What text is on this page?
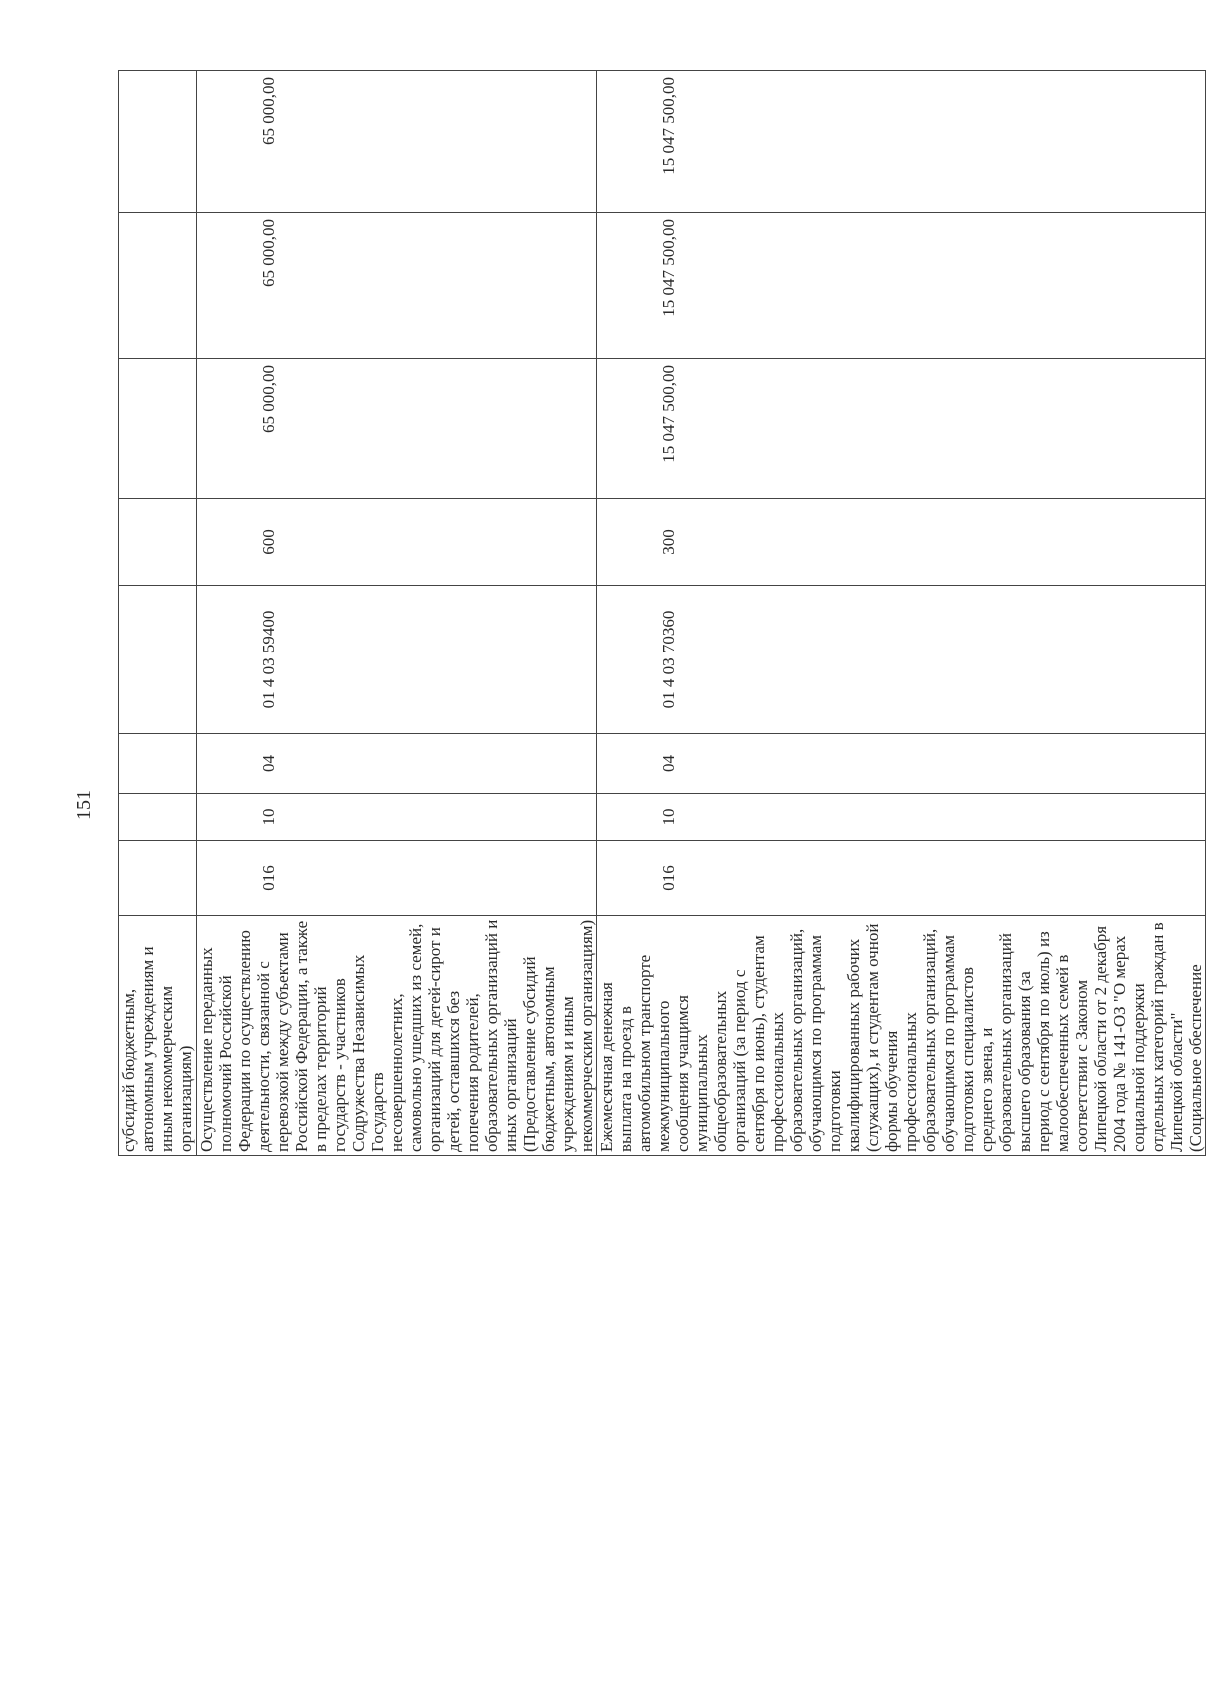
151
субсидий бюджетным, автономным учреждениям и иным некоммерческим организациям)								
Осуществление переданных полномочий Российской Федерации по осуществлению деятельности, связанной с перевозкой между субъектами Российской Федерации, а также в пределах территорий государств - участников Содружества Независимых Государств несовершеннолетних, самовольно ушедших из семей, организаций для детей-сирот и детей, оставшихся без попечения родителей, образовательных организаций и иных организаций (Предоставление субсидий бюджетным, автономным учреждениям и иным некоммерческим организациям)	016	10	04	01 4 03 59400	600	65 000,00	65 000,00	65 000,00
Ежемесячная денежная выплата на проезд в автомобильном транспорте межмуниципального сообщения учащимся муниципальных общеобразовательных организаций (за период с сентября по июнь), студентам профессиональных образовательных организаций, обучающимся по программам подготовки квалифицированных рабочих (служащих), и студентам очной формы обучения профессиональных образовательных организаций, обучающимся по программам подготовки специалистов среднего звена, и образовательных организаций высшего образования (за период с сентября по июль) из малообеспеченных семей в соответствии с Законом Липецкой области от 2 декабря 2004 года № 141-ОЗ "О мерах социальной поддержки отдельных категорий граждан в Липецкой области" (Социальное обеспечение	016	10	04	01 4 03 70360	300	15 047 500,00	15 047 500,00	15 047 500,00
